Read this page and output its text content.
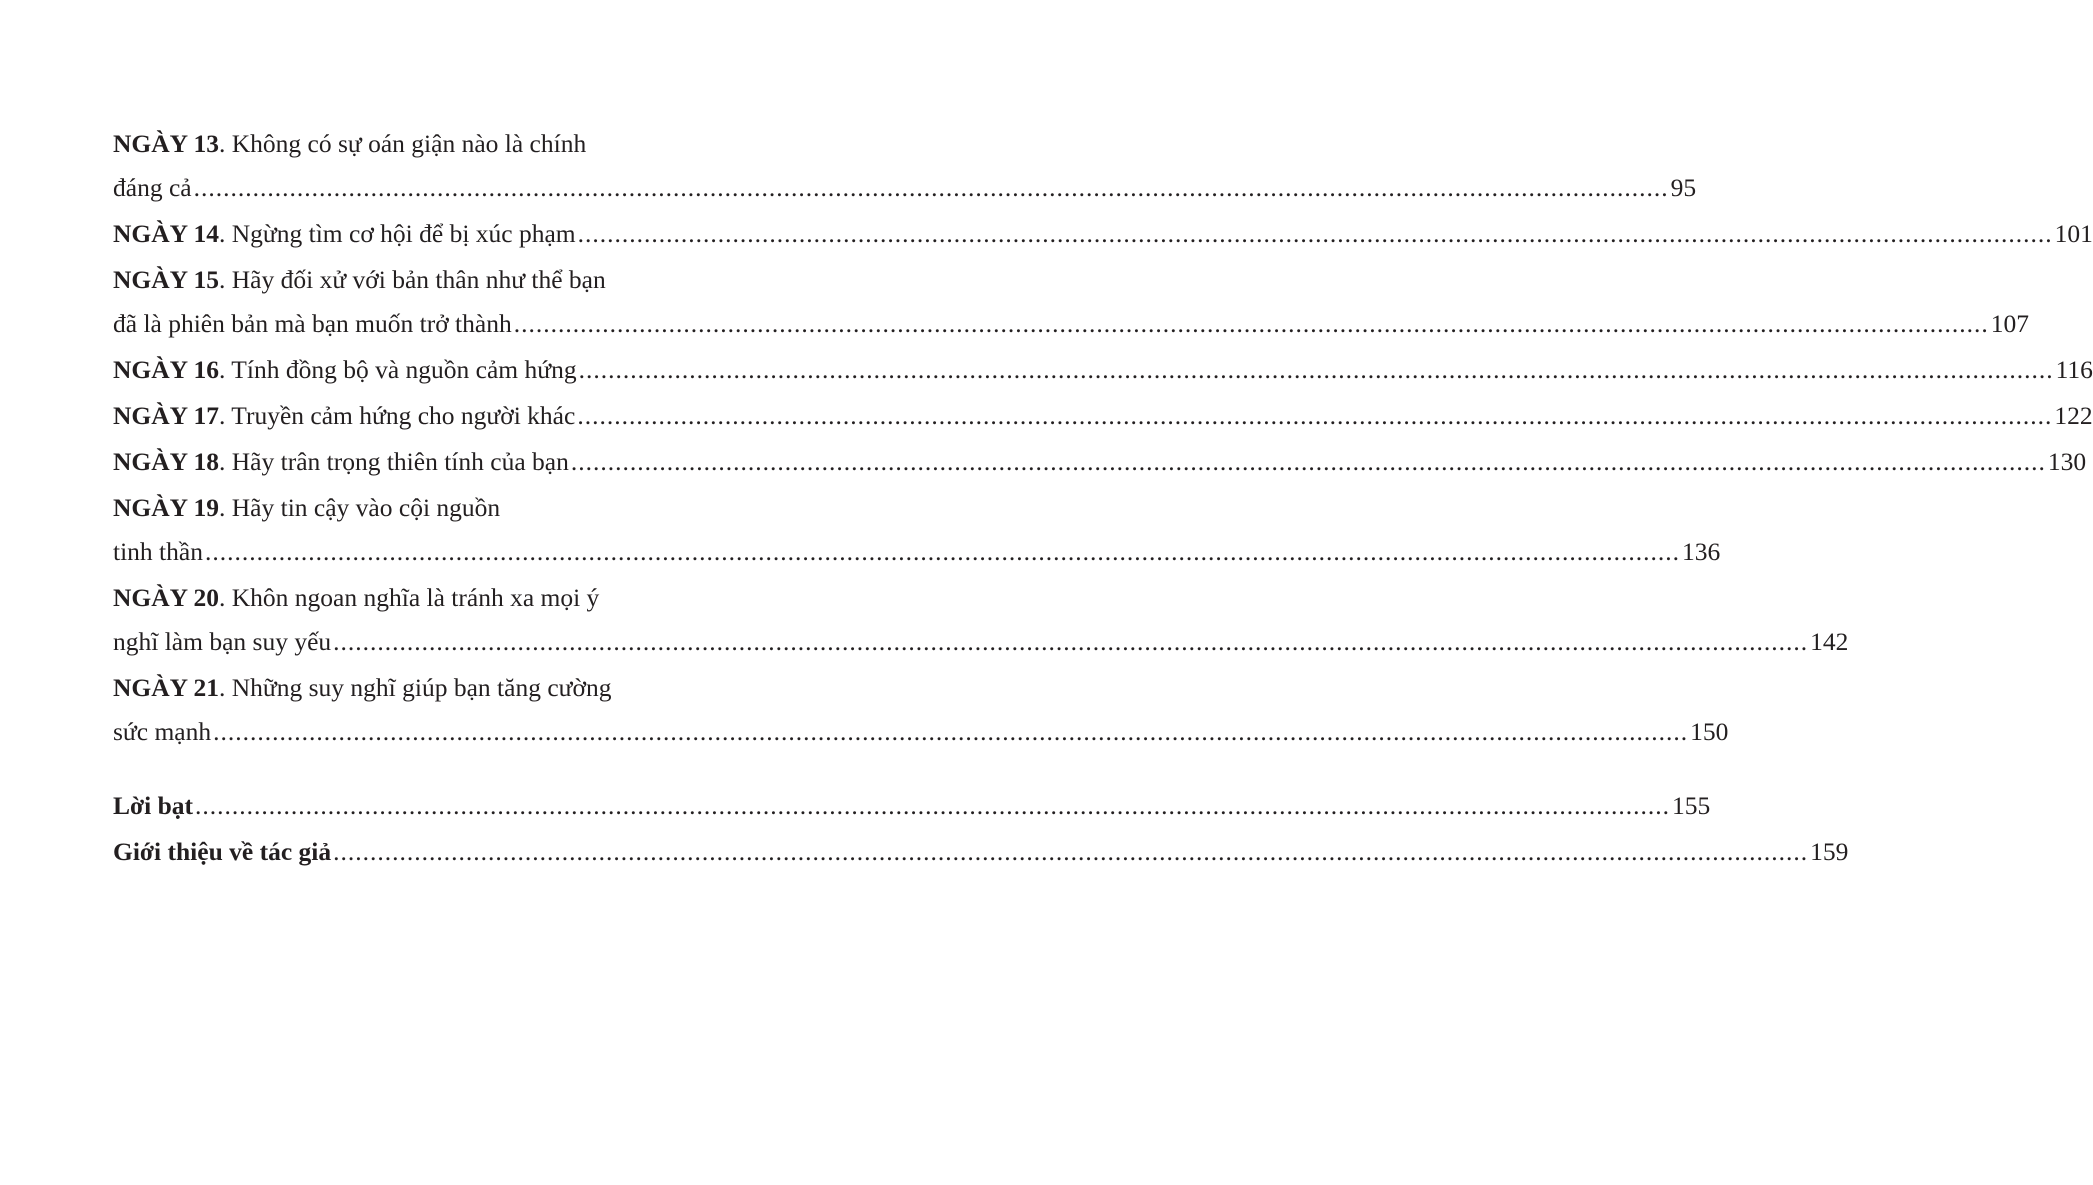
NGÀY 13. Không có sự oán giận nào là chính
đáng cả ........................................................................................................................................................................................................ 95
NGÀY 14. Ngừng tìm cơ hội để bị xúc phạm ........................................................................................................................................................................................................ 101
NGÀY 15. Hãy đối xử với bản thân như thể bạn
đã là phiên bản mà bạn muốn trở thành ........................................................................................................................................................................................................ 107
NGÀY 16. Tính đồng bộ và nguồn cảm hứng ........................................................................................................................................................................................................ 116
NGÀY 17. Truyền cảm hứng cho người khác ........................................................................................................................................................................................................ 122
NGÀY 18. Hãy trân trọng thiên tính của bạn ........................................................................................................................................................................................................ 130
NGÀY 19. Hãy tin cậy vào cội nguồn
tinh thần ........................................................................................................................................................................................................ 136
NGÀY 20. Khôn ngoan nghĩa là tránh xa mọi ý
nghĩ làm bạn suy yếu ........................................................................................................................................................................................................ 142
NGÀY 21. Những suy nghĩ giúp bạn tăng cường
sức mạnh ........................................................................................................................................................................................................ 150
Lời bạt ........................................................................................................................................................................................................ 155
Giới thiệu về tác giả ........................................................................................................................................................................................................ 159
